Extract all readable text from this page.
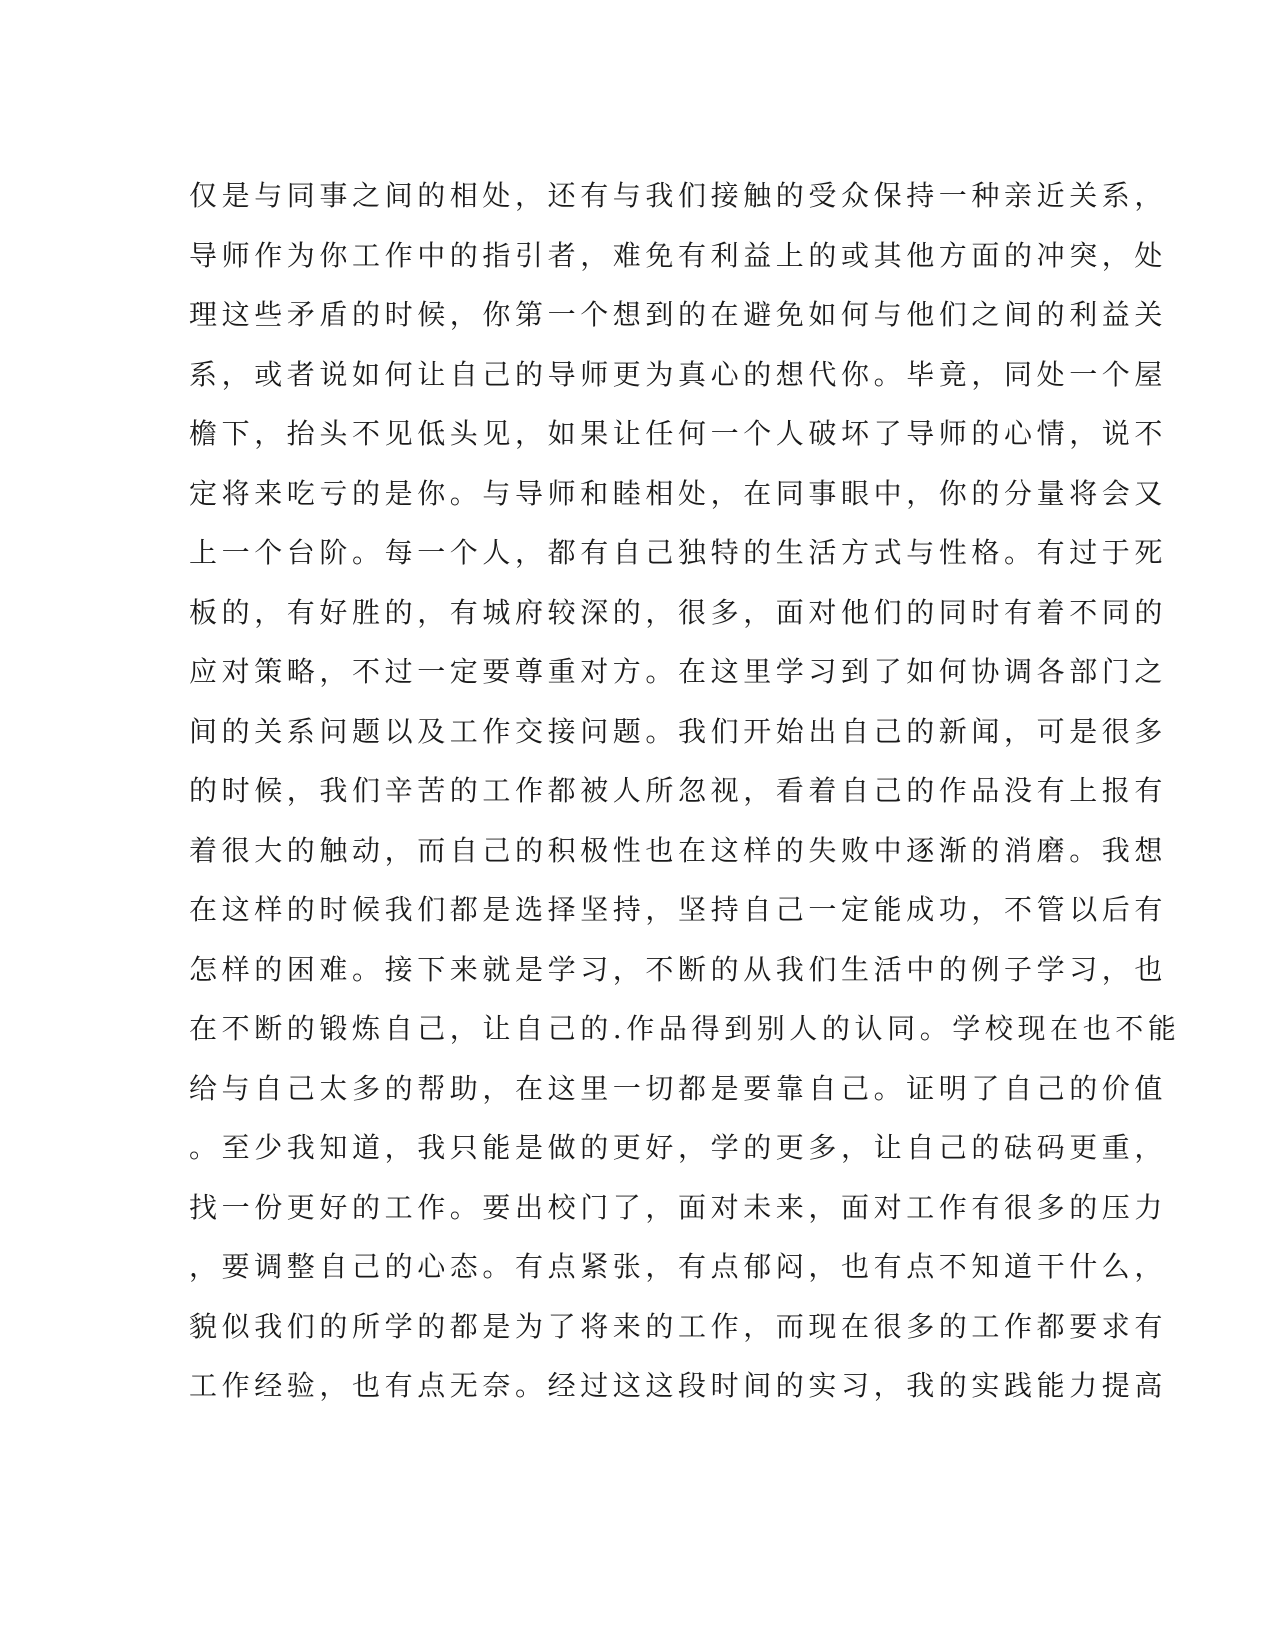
仅是与同事之间的相处，还有与我们接触的受众保持一种亲近关系，
导师作为你工作中的指引者，难免有利益上的或其他方面的冲突，处
理这些矛盾的时候，你第一个想到的在避免如何与他们之间的利益关
系，或者说如何让自己的导师更为真心的想代你。毕竟，同处一个屋
檐下，抬头不见低头见，如果让任何一个人破坏了导师的心情，说不
定将来吃亏的是你。与导师和睦相处，在同事眼中，你的分量将会又
上一个台阶。每一个人，都有自己独特的生活方式与性格。有过于死
板的，有好胜的，有城府较深的，很多，面对他们的同时有着不同的
应对策略，不过一定要尊重对方。在这里学习到了如何协调各部门之
间的关系问题以及工作交接问题。我们开始出自己的新闻，可是很多
的时候，我们辛苦的工作都被人所忽视，看着自己的作品没有上报有
着很大的触动，而自己的积极性也在这样的失败中逐渐的消磨。我想
在这样的时候我们都是选择坚持，坚持自己一定能成功，不管以后有
怎样的困难。接下来就是学习，不断的从我们生活中的例子学习，也
在不断的锻炼自己，让自己的.作品得到别人的认同。学校现在也不能
给与自己太多的帮助，在这里一切都是要靠自己。证明了自己的价值
。至少我知道，我只能是做的更好，学的更多，让自己的砝码更重，
找一份更好的工作。要出校门了，面对未来，面对工作有很多的压力
，要调整自己的心态。有点紧张，有点郁闷，也有点不知道干什么，
貌似我们的所学的都是为了将来的工作，而现在很多的工作都要求有
工作经验，也有点无奈。经过这这段时间的实习，我的实践能力提高
